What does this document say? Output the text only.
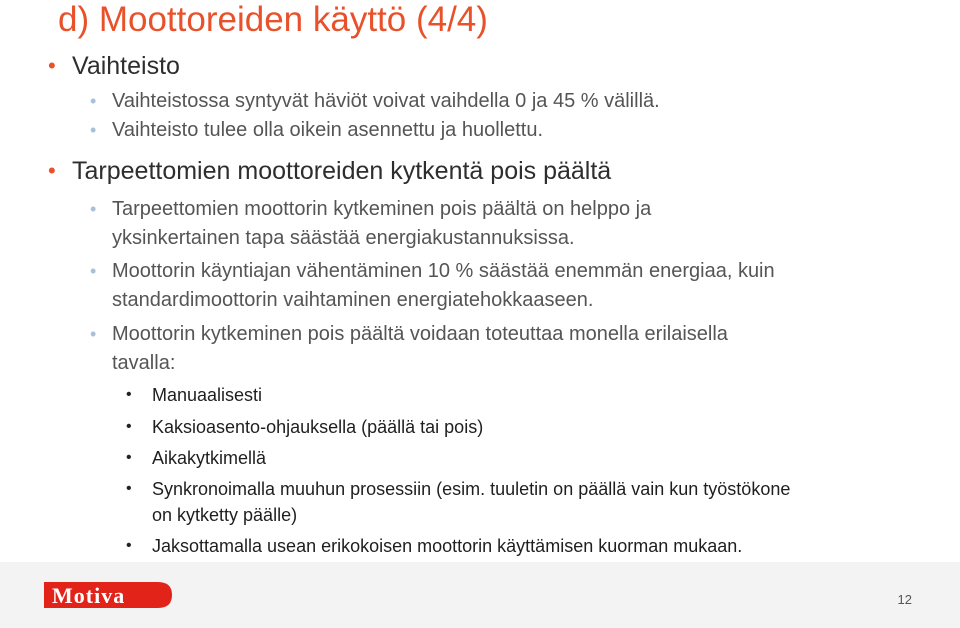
d) Moottoreiden käyttö (4/4)
• Vaihteisto
• Vaihteistossa syntyvät häviöt voivat vaihdella 0 ja 45 % välillä.
• Vaihteisto tulee olla oikein asennettu ja huollettu.
• Tarpeettomien moottoreiden kytkentä pois päältä
• Tarpeettomien moottorin kytkeminen pois päältä on helppo ja
yksinkertainen tapa säästää energiakustannuksissa.
• Moottorin käyntiajan vähentäminen 10 % säästää enemmän energiaa, kuin
standardimoottorin vaihtaminen energiatehokkaaseen.
• Moottorin kytkeminen pois päältä voidaan toteuttaa monella erilaisella
tavalla:
• Manuaalisesti
• Kaksioasento-ohjauksella (päällä tai pois)
• Aikakytkimellä
• Synkronoimalla muuhun prosessiin (esim. tuuletin on päällä vain kun työstökone
on kytketty päälle)
• Jaksottamalla usean erikokoisen moottorin käyttämisen kuorman mukaan.
Motiva	12
